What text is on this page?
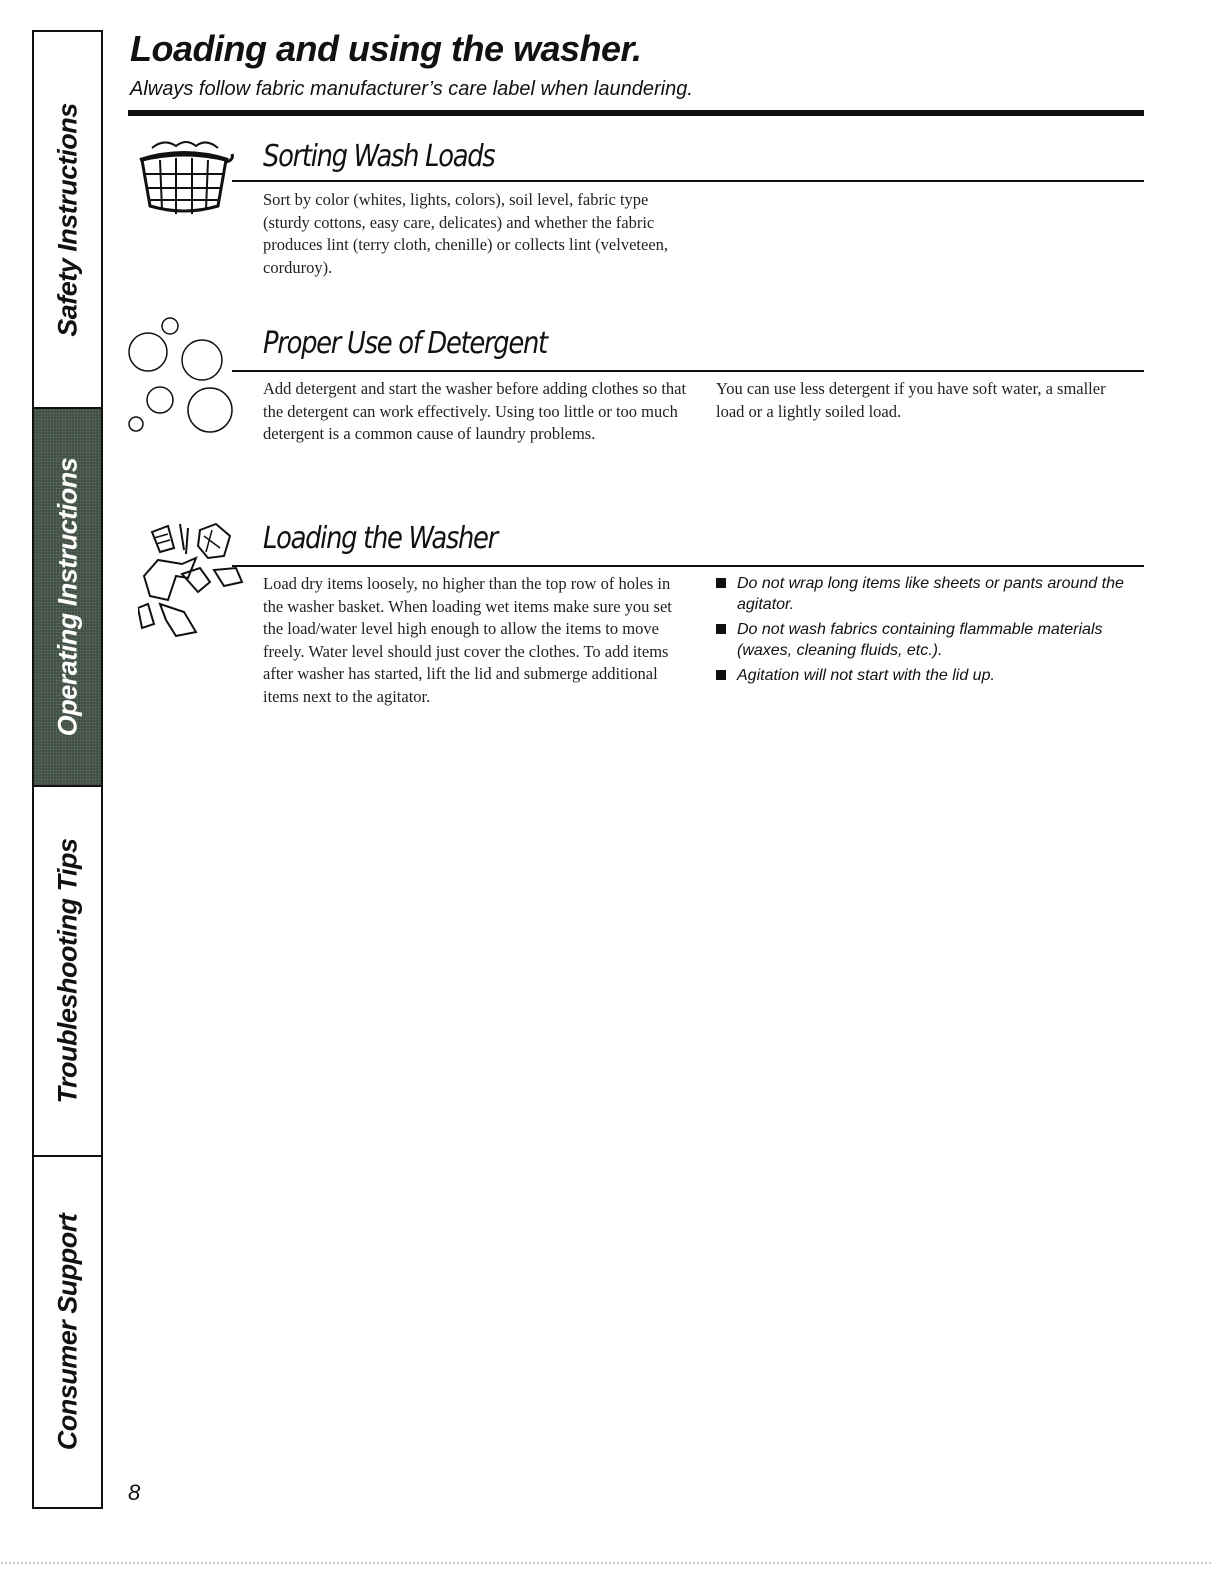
Safety Instructions
Operating Instructions
Troubleshooting Tips
Consumer Support
Loading and using the washer.
Always follow fabric manufacturer’s care label when laundering.
Sorting Wash Loads

Sort by color (whites, lights, colors), soil level, fabric type (sturdy cottons, easy care, delicates) and whether the fabric produces lint (terry cloth, chenille) or collects lint (velveteen, corduroy).

Proper Use of Detergent

Add detergent and start the washer before adding clothes so that the detergent can work effectively. Using too little or too much detergent is a common cause of laundry problems.

You can use less detergent if you have soft water, a smaller load or a lightly soiled load.

Loading the Washer

Load dry items loosely, no higher than the top row of holes in the washer basket. When loading wet items make sure you set the load/water level high enough to allow the items to move freely. Water level should just cover the clothes. To add items after washer has started, lift the lid and submerge additional items next to the agitator.

Do not wrap long items like sheets or pants around the agitator.
Do not wash fabrics containing flammable materials (waxes, cleaning fluids, etc.).
Agitation will not start with the lid up.
8
